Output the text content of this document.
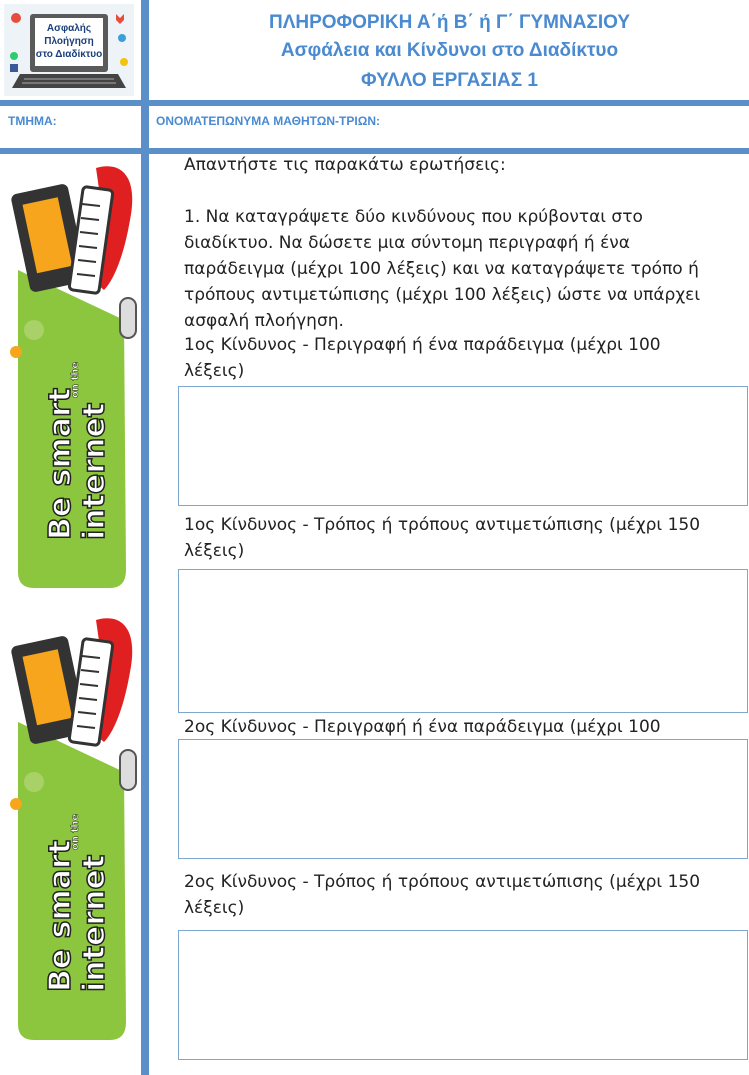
Ασφαλής
Πλοήγηση
στο Διαδίκτυο
ΠΛΗΡΟΦΟΡΙΚΗ Α΄ή Β΄ ή Γ΄ ΓΥΜΝΑΣΙΟΥ
Ασφάλεια και Κίνδυνοι στο Διαδίκτυο
ΦΥΛΛΟ ΕΡΓΑΣΙΑΣ 1
ΤΜΗΜΑ:	ΟΝΟΜΑΤΕΠΩΝΥΜΑ ΜΑΘΗΤΩΝ-ΤΡΙΩΝ:
Απαντήστε τις παρακάτω ερωτήσεις:
1. Να καταγράψετε δύο κινδύνους που κρύβονται στο
διαδίκτυο. Να δώσετε μια σύντομη περιγραφή ή ένα
παράδειγμα (μέχρι 100 λέξεις) και να καταγράψετε τρόπο ή
τρόπους αντιμετώπισης (μέχρι 100 λέξεις) ώστε να υπάρχει
ασφαλή πλοήγηση.
1ος Κίνδυνος - Περιγραφή ή ένα παράδειγμα (μέχρι 100
λέξεις)
1ος Κίνδυνος - Τρόπος ή τρόπους αντιμετώπισης (μέχρι 150
λέξεις)
2ος Κίνδυνος - Περιγραφή ή ένα παράδειγμα (μέχρι 100
2ος Κίνδυνος - Τρόπος ή τρόπους αντιμετώπισης (μέχρι 150
λέξεις)
Be smart internet
on the
Be smart internet
on the
